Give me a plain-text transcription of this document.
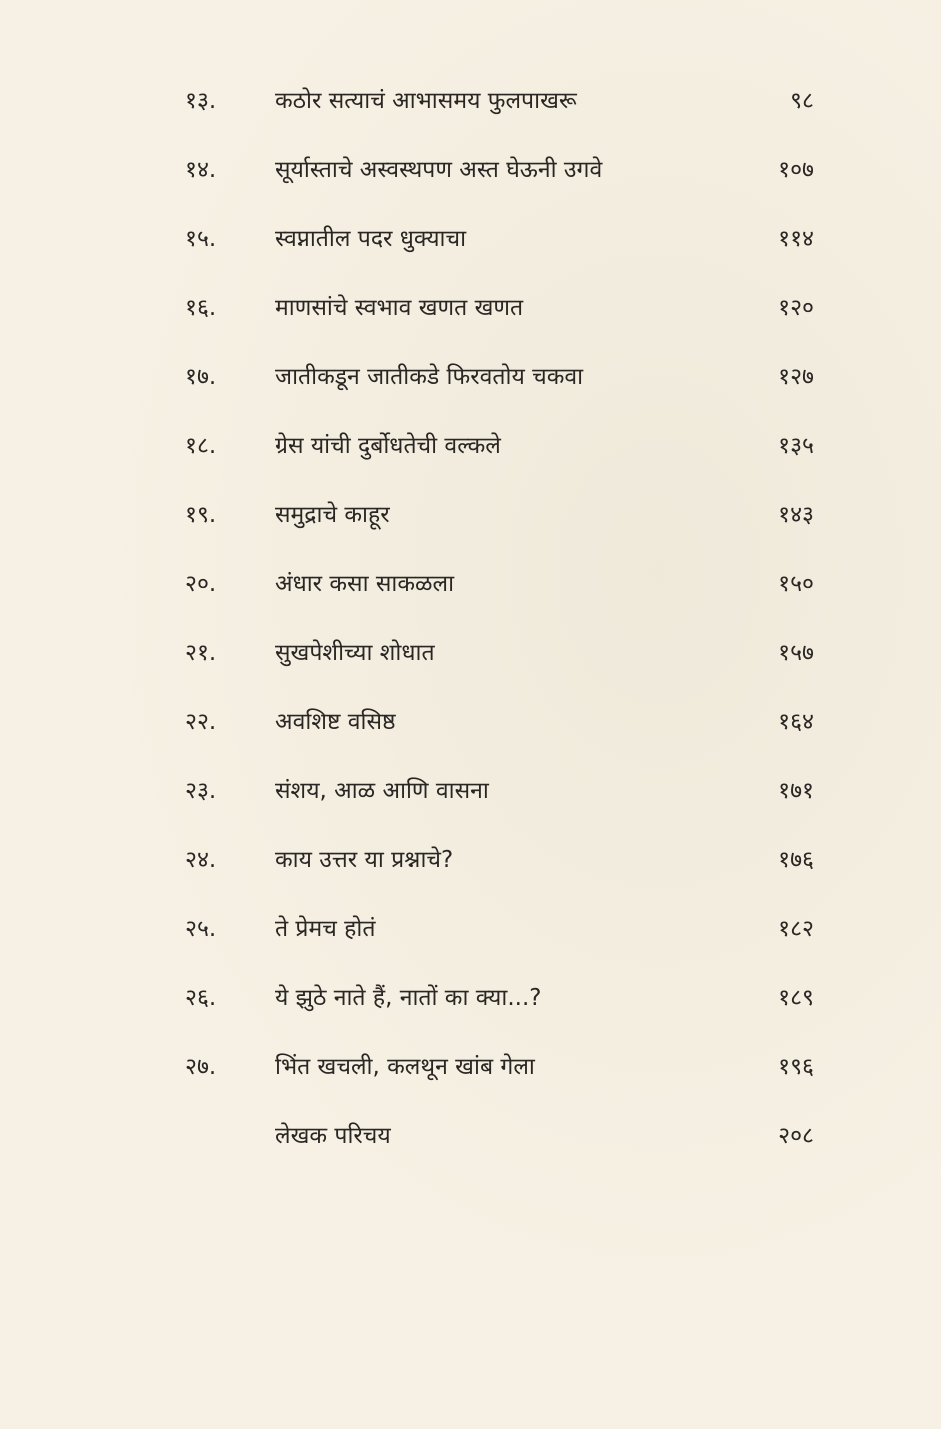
१३.	कठोर सत्याचं आभासमय फुलपाखरू	९८
१४.	सूर्यास्ताचे अस्वस्थपण अस्त घेऊनी उगवे	१०७
१५.	स्वप्नातील पदर धुक्याचा	११४
१६.	माणसांचे स्वभाव खणत खणत	१२०
१७.	जातीकडून जातीकडे फिरवतोय चकवा	१२७
१८.	ग्रेस यांची दुर्बोधतेची वल्कले	१३५
१९.	समुद्राचे काहूर	१४३
२०.	अंधार कसा साकळला	१५०
२१.	सुखपेशीच्या शोधात	१५७
२२.	अवशिष्ट वसिष्ठ	१६४
२३.	संशय, आळ आणि वासना	१७१
२४.	काय उत्तर या प्रश्नाचे?	१७६
२५.	ते प्रेमच होतं	१८२
२६.	ये झुठे नाते हैं, नातों का क्या...?	१८९
२७.	भिंत खचली, कलथून खांब गेला	१९६
लेखक परिचय	२०८
